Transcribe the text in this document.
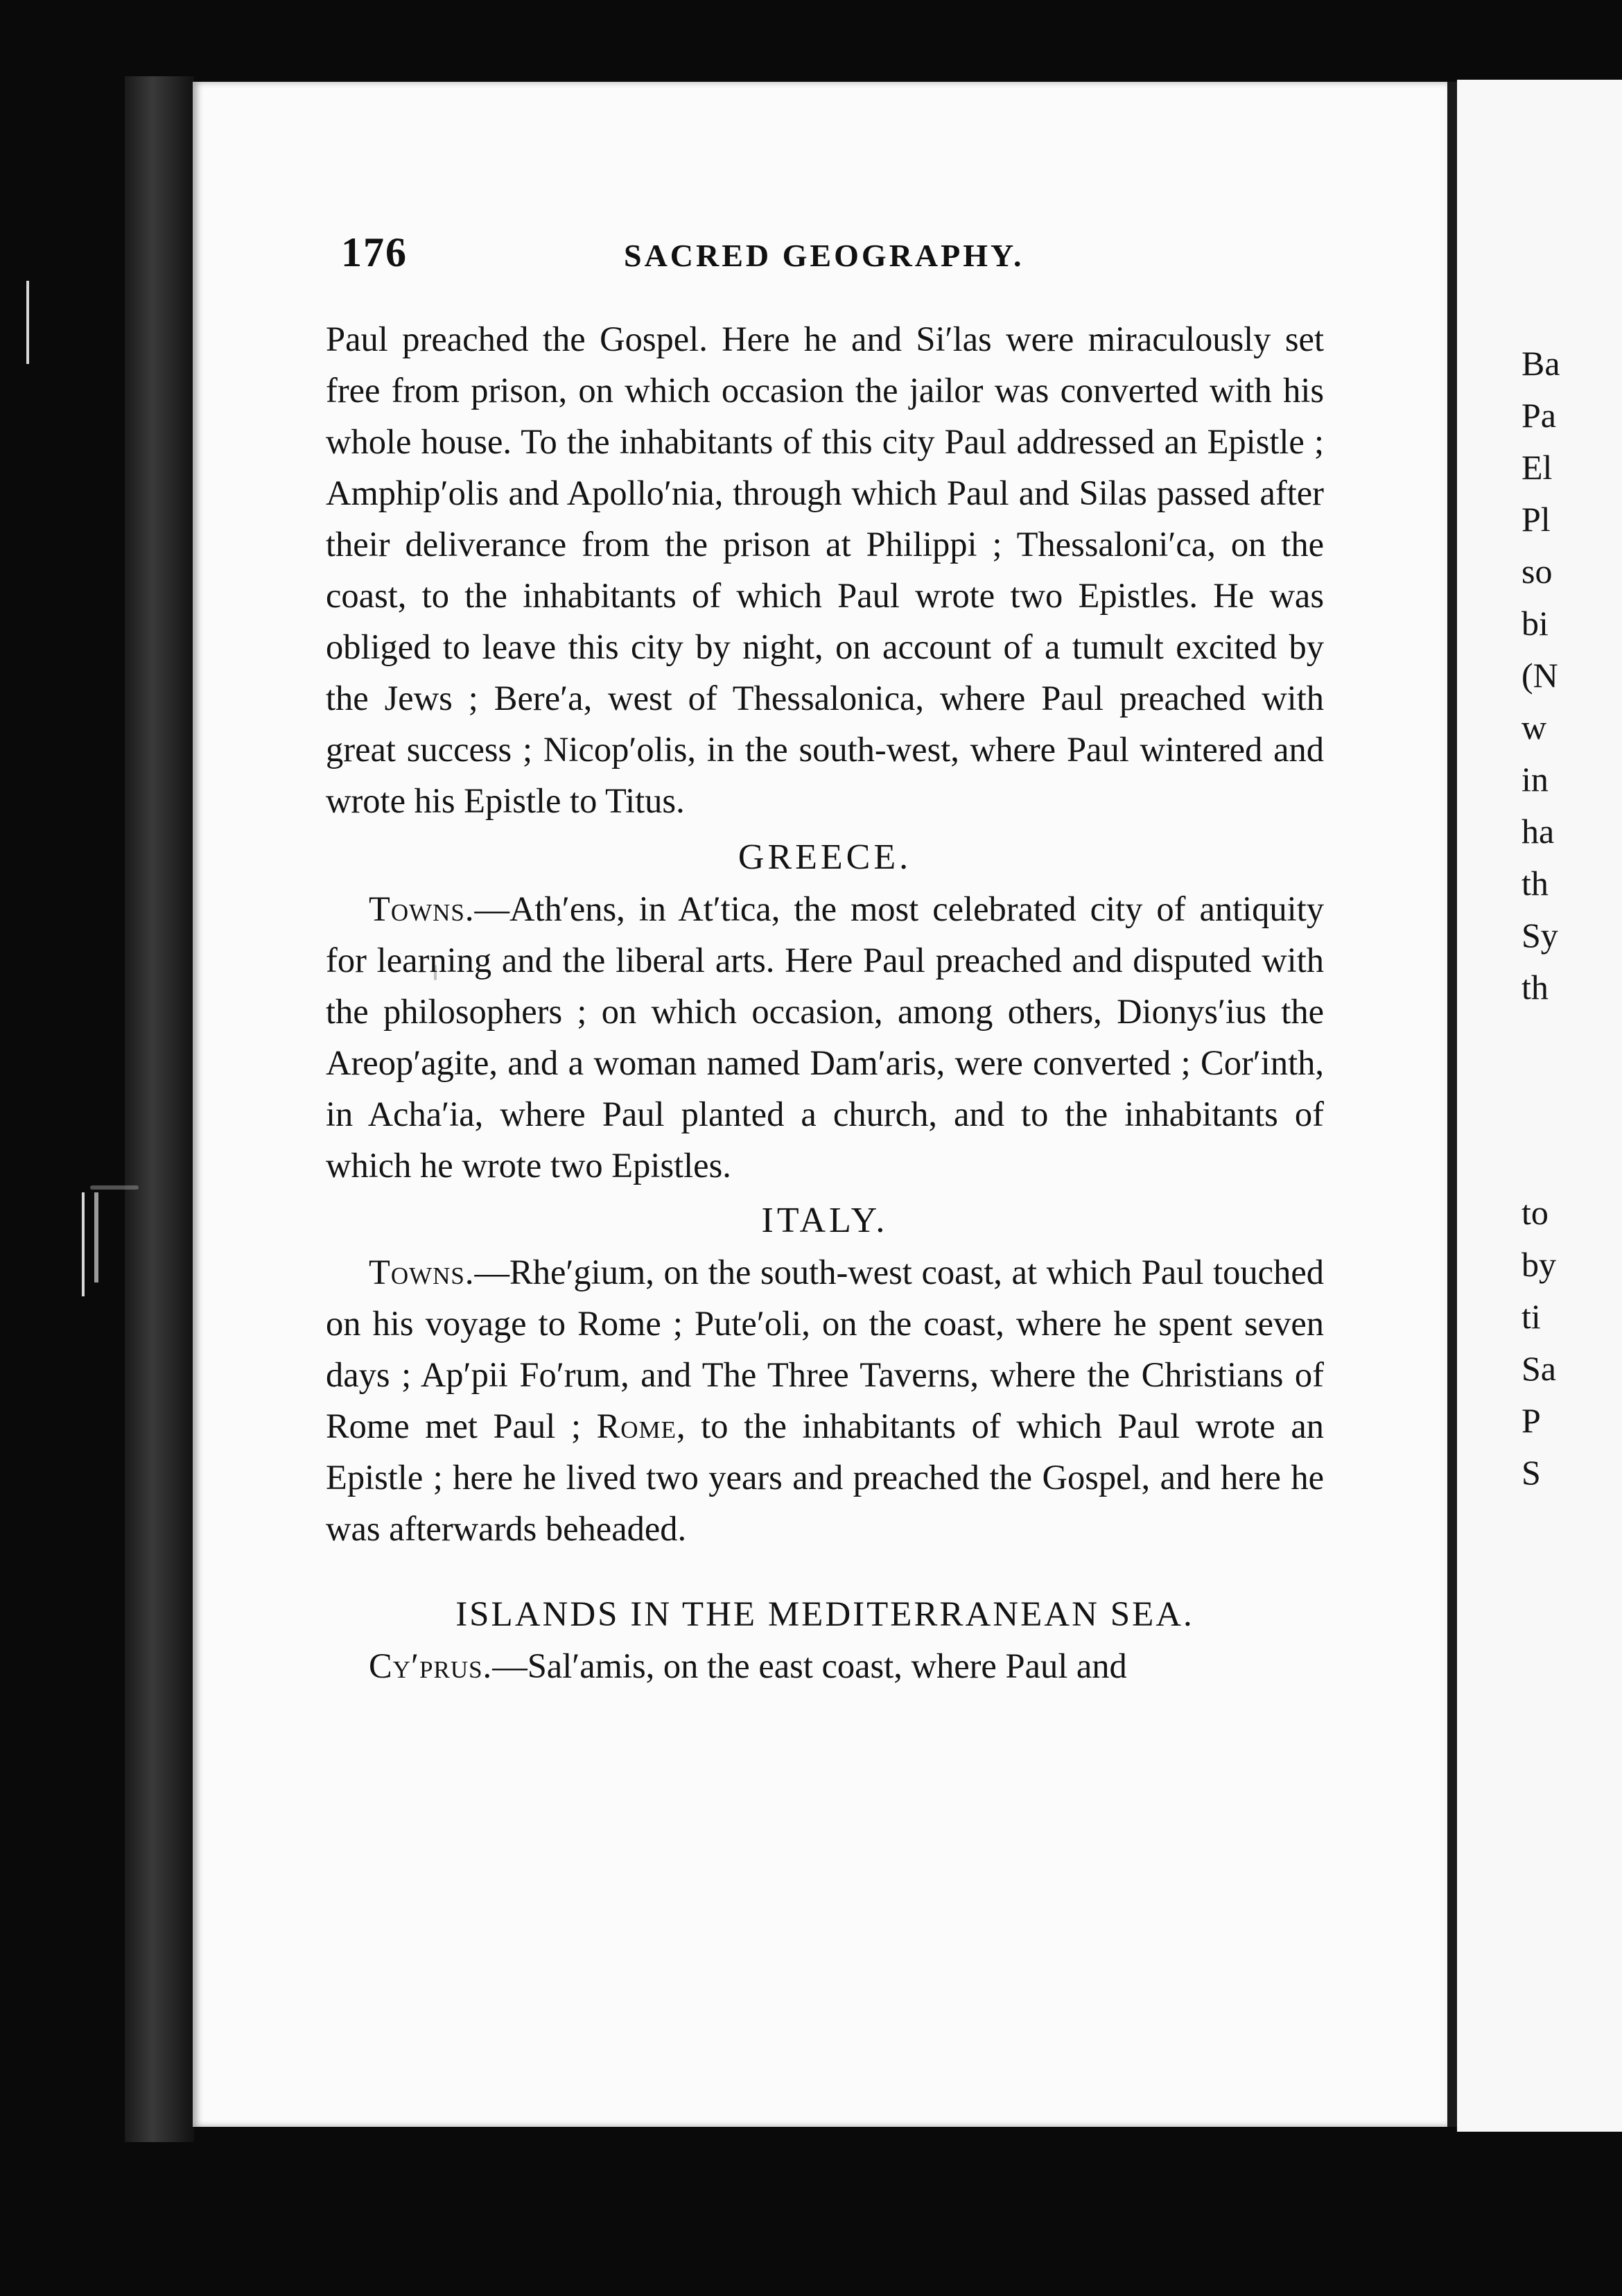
Ba
Pa
El
Pl
so
bi
(N
w
in
ha
th
Sy
th
to
by
ti
Sa
P
S
176	SACRED GEOGRAPHY.

Paul preached the Gospel. Here he and Si′las were miraculously set free from prison, on which occasion the jailor was converted with his whole house. To the inhabitants of this city Paul addressed an Epistle ; Amphip′olis and Apollo′nia, through which Paul and Silas passed after their deliverance from the prison at Philippi ; Thessaloni′ca, on the coast, to the inhabitants of which Paul wrote two Epistles. He was obliged to leave this city by night, on account of a tumult excited by the Jews ; Bere′a, west of Thessalonica, where Paul preached with great success ; Nicop′olis, in the south-west, where Paul wintered and wrote his Epistle to Titus.

GREECE.

Towns.—Ath′ens, in At′tica, the most celebrated city of antiquity for learning and the liberal arts. Here Paul preached and disputed with the philosophers ; on which occasion, among others, Dionys′ius the Areop′agite, and a woman named Dam′aris, were converted ; Cor′inth, in Acha′ia, where Paul planted a church, and to the inhabitants of which he wrote two Epistles.

ITALY.

Towns.—Rhe′gium, on the south-west coast, at which Paul touched on his voyage to Rome ; Pute′oli, on the coast, where he spent seven days ; Ap′pii Fo′rum, and The Three Taverns, where the Christians of Rome met Paul ; Rome, to the inhabitants of which Paul wrote an Epistle ; here he lived two years and preached the Gospel, and here he was afterwards beheaded.

ISLANDS IN THE MEDITERRANEAN SEA.

Cy′prus.—Sal′amis, on the east coast, where Paul and
